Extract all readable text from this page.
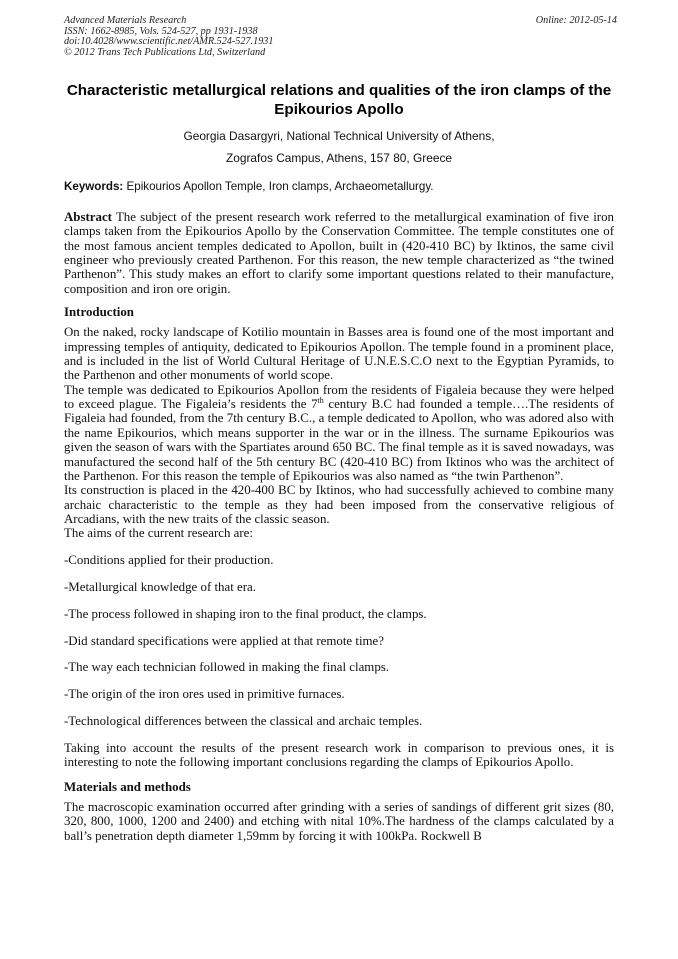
Advanced Materials Research
ISSN: 1662-8985, Vols. 524-527, pp 1931-1938
doi:10.4028/www.scientific.net/AMR.524-527.1931
© 2012 Trans Tech Publications Ltd, Switzerland
Online: 2012-05-14
Characteristic metallurgical relations and qualities of the iron clamps of the Epikourios Apollo
Georgia Dasargyri, National Technical University of Athens,
Zografos Campus, Athens, 157 80, Greece
Keywords: Epikourios Apollon Temple, Iron clamps, Archaeometallurgy.

Abstract The subject of the present research work referred to the metallurgical examination of five iron clamps taken from the Epikourios Apollo by the Conservation Committee. The temple constitutes one of the most famous ancient temples dedicated to Apollon, built in (420-410 BC) by Iktinos, the same civil engineer who previously created Parthenon. For this reason, the new temple characterized as “the twined Parthenon”. This study makes an effort to clarify some important questions related to their manufacture, composition and iron ore origin.

Introduction

On the naked, rocky landscape of Kotilio mountain in Basses area is found one of the most important and impressing temples of antiquity, dedicated to Epikourios Apollon. The temple found in a prominent place, and is included in the list of World Cultural Heritage of U.N.E.S.C.O next to the Egyptian Pyramids, to the Parthenon and other monuments of world scope.

The temple was dedicated to Epikourios Apollon from the residents of Figaleia because they were helped to exceed plague. The Figaleia’s residents the 7th century B.C had founded a temple….The residents of Figaleia had founded, from the 7th century B.C., a temple dedicated to Apollon, who was adored also with the name Epikourios, which means supporter in the war or in the illness. The surname Epikourios was given the season of wars with the Spartiates around 650 BC. The final temple as it is saved nowadays, was manufactured the second half of the 5th century BC (420-410 BC) from Iktinos who was the architect of the Parthenon. For this reason the temple of Epikourios was also named as “the twin Parthenon”.

Its construction is placed in the 420-400 BC by Iktinos, who had successfully achieved to combine many archaic characteristic to the temple as they had been imposed from the conservative religious of Arcadians, with the new traits of the classic season.

The aims of the current research are:

-Conditions applied for their production.

-Metallurgical knowledge of that era.

-The process followed in shaping iron to the final product, the clamps.

-Did standard specifications were applied at that remote time?

-The way each technician followed in making the final clamps.

-The origin of the iron ores used in primitive furnaces.

-Technological differences between the classical and archaic temples.

Taking into account the results of the present research work in comparison to previous ones, it is interesting to note the following important conclusions regarding the clamps of Epikourios Apollo.

Materials and methods

The macroscopic examination occurred after grinding with a series of sandings of different grit sizes (80, 320, 800, 1000, 1200 and 2400) and etching with nital 10%.The hardness of the clamps calculated by a ball’s penetration depth diameter 1,59mm by forcing it with 100kPa. Rockwell B
